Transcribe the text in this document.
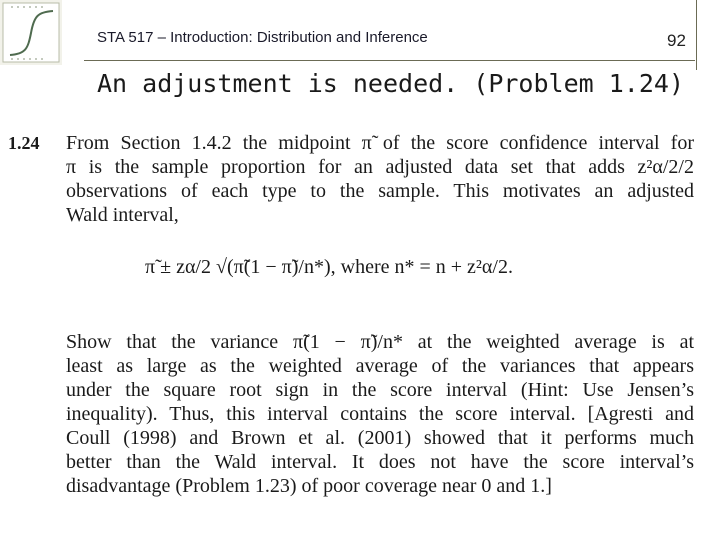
STA 517 – Introduction: Distribution and Inference	92
An adjustment is needed. (Problem 1.24)
1.24 From Section 1.4.2 the midpoint π̃ of the score confidence interval for
π is the sample proportion for an adjusted data set that adds z²α/2/2
observations of each type to the sample. This motivates an adjusted
Wald interval,
π̃ ± zα/2 √(π̃(1 − π̃)/n*), where n* = n + z²α/2.
Show that the variance π̃(1 − π̃)/n* at the weighted average is at
least as large as the weighted average of the variances that appears
under the square root sign in the score interval (Hint: Use Jensen’s
inequality). Thus, this interval contains the score interval. [Agresti and
Coull (1998) and Brown et al. (2001) showed that it performs much
better than the Wald interval. It does not have the score interval’s
disadvantage (Problem 1.23) of poor coverage near 0 and 1.]
